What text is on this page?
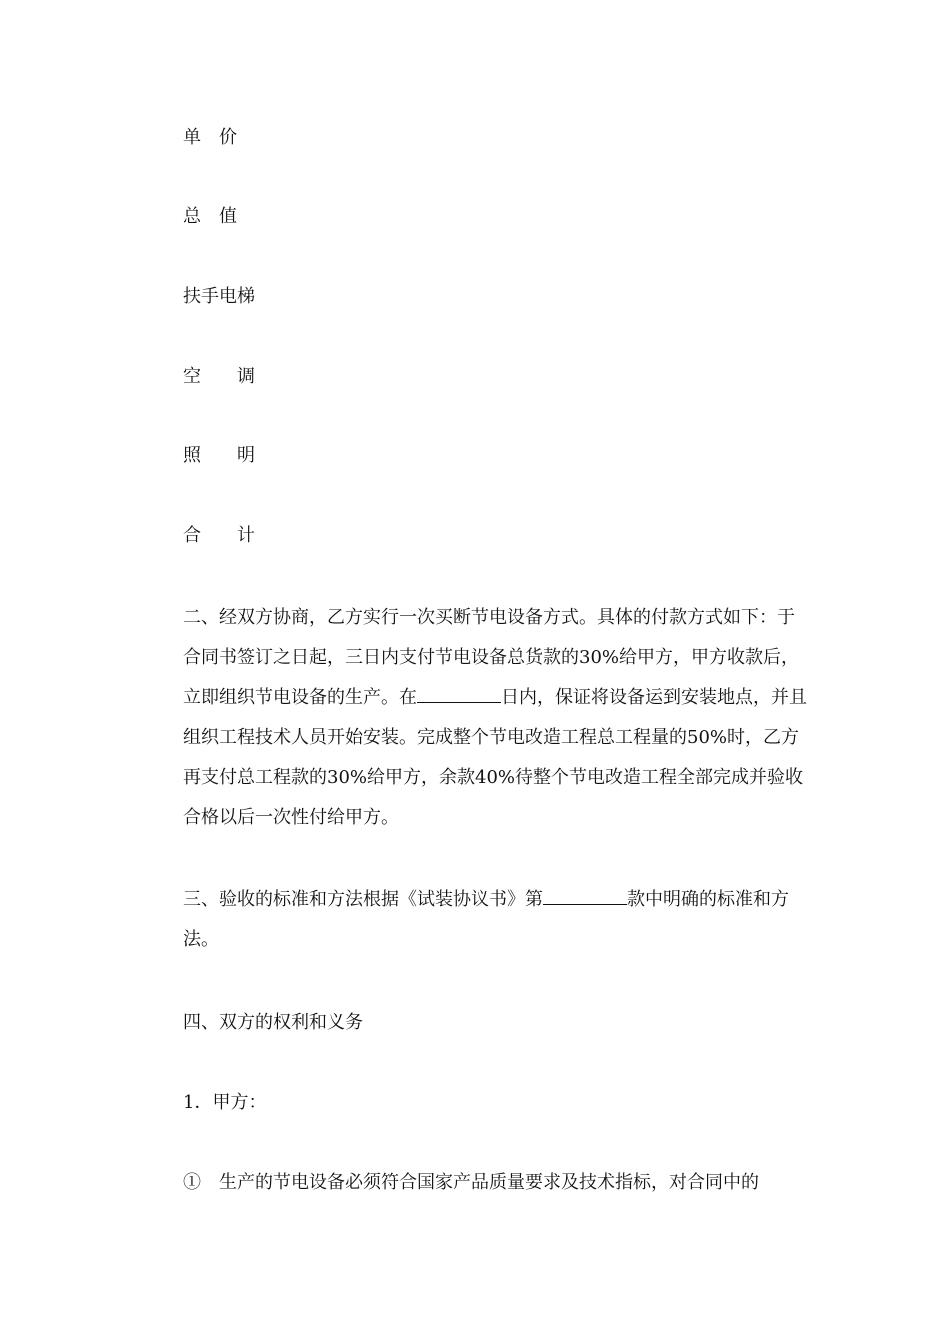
单　价
总　值
扶手电梯
空　　调
照　　明
合　　计

二、经双方协商，乙方实行一次买断节电设备方式。具体的付款方式如下：于合同书签订之日起，三日内支付节电设备总货款的30%给甲方，甲方收款后，立即组织节电设备的生产。在	日内，保证将设备运到安装地点，并且组织工程技术人员开始安装。完成整个节电改造工程总工程量的50%时，乙方再支付总工程款的30%给甲方，余款40%待整个节电改造工程全部完成并验收合格以后一次性付给甲方。

三、验收的标准和方法根据《试装协议书》第	款中明确的标准和方法。

四、双方的权利和义务
1．甲方：
①　生产的节电设备必须符合国家产品质量要求及技术指标，对合同中的
